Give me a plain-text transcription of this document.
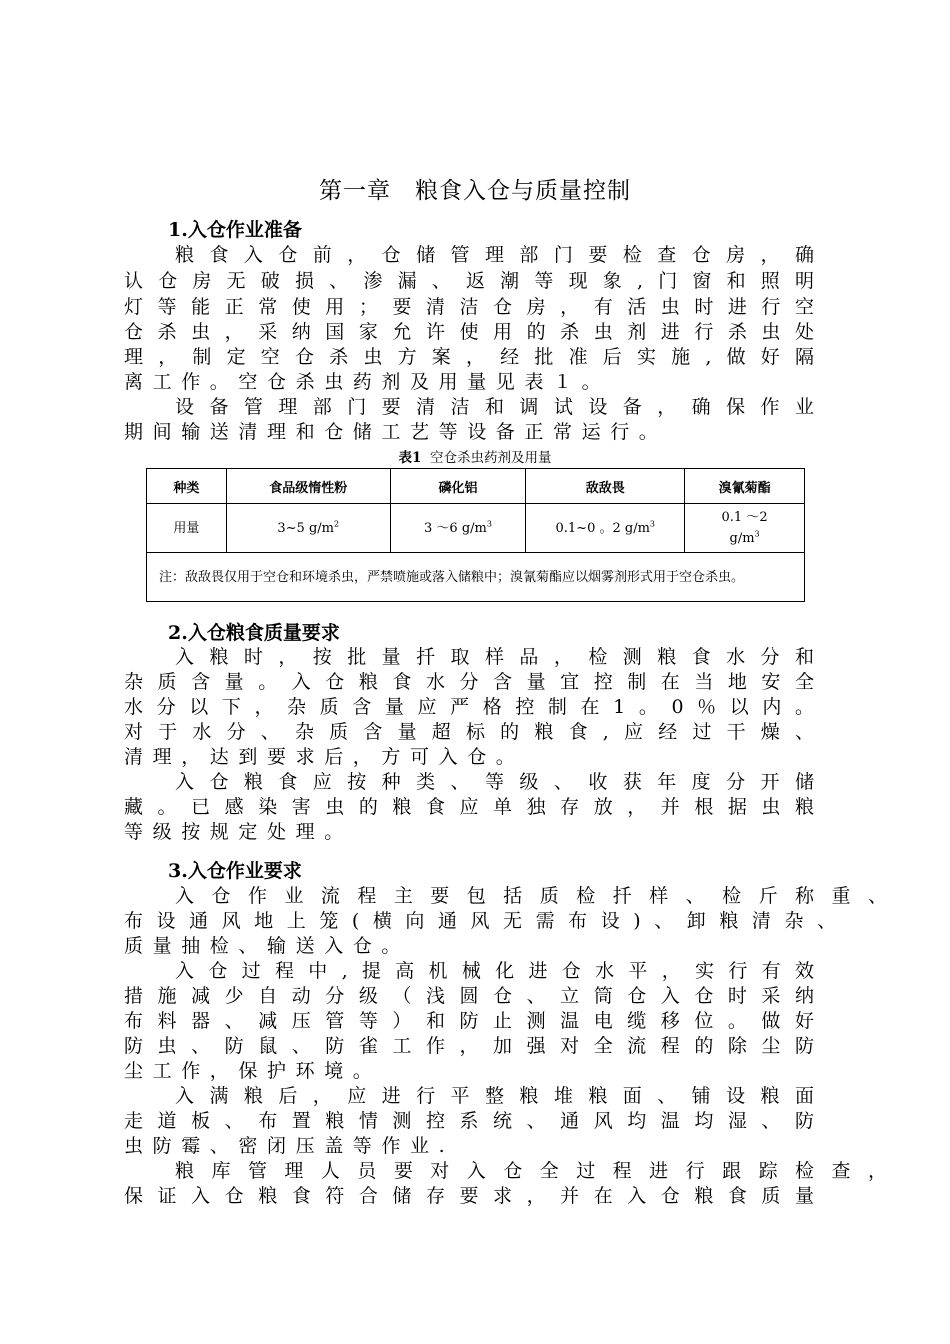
第一章　粮食入仓与质量控制
1.入仓作业准备
粮食入仓前，仓储管理部门要检查仓房，确
认仓房无破损、渗漏、返潮等现象,门窗和照明
灯等能正常使用；要清洁仓房，有活虫时进行空
仓杀虫，采纳国家允许使用的杀虫剂进行杀虫处
理，制定空仓杀虫方案，经批准后实施,做好隔
离工作。空仓杀虫药剂及用量见表１。
设备管理部门要清洁和调试设备，确保作业
期间输送清理和仓储工艺等设备正常运行。
表1 空仓杀虫药剂及用量
种类	食品级惰性粉	磷化铝	敌敌畏	溴氰菊酯
用量	3~5 $g/m^2$	3 ～6 $g/m^3$	0.1~0 。2 $g/m^3$	0.1 ～2
$g/m^3$
注：敌敌畏仅用于空仓和环境杀虫，严禁喷施或落入储粮中；溴氰菊酯应以烟雾剂形式用于空仓杀虫。				
2.入仓粮食质量要求
入粮时，按批量扦取样品，检测粮食水分和
杂质含量。入仓粮食水分含量宜控制在当地安全
水分以下，杂质含量应严格控制在1。0％以内。
对于水分、杂质含量超标的粮食,应经过干燥、
清理，达到要求后，方可入仓。
入仓粮食应按种类、等级、收获年度分开储
藏。已感染害虫的粮食应单独存放，并根据虫粮
等级按规定处理。
3.入仓作业要求
入仓作业流程主要包括质检扦样、检斤称重、
布设通风地上笼(横向通风无需布设)、卸粮清杂、
质量抽检、输送入仓。
入仓过程中,提高机械化进仓水平，实行有效
措施减少自动分级（浅圆仓、立筒仓入仓时采纳
布料器、减压管等）和防止测温电缆移位。做好
防虫、防鼠、防雀工作，加强对全流程的除尘防
尘工作，保护环境。
入满粮后，应进行平整粮堆粮面、铺设粮面
走道板、布置粮情测控系统、通风均温均湿、防
虫防霉、密闭压盖等作业.
粮库管理人员要对入仓全过程进行跟踪检查，
保证入仓粮食符合储存要求，并在入仓粮食质量
